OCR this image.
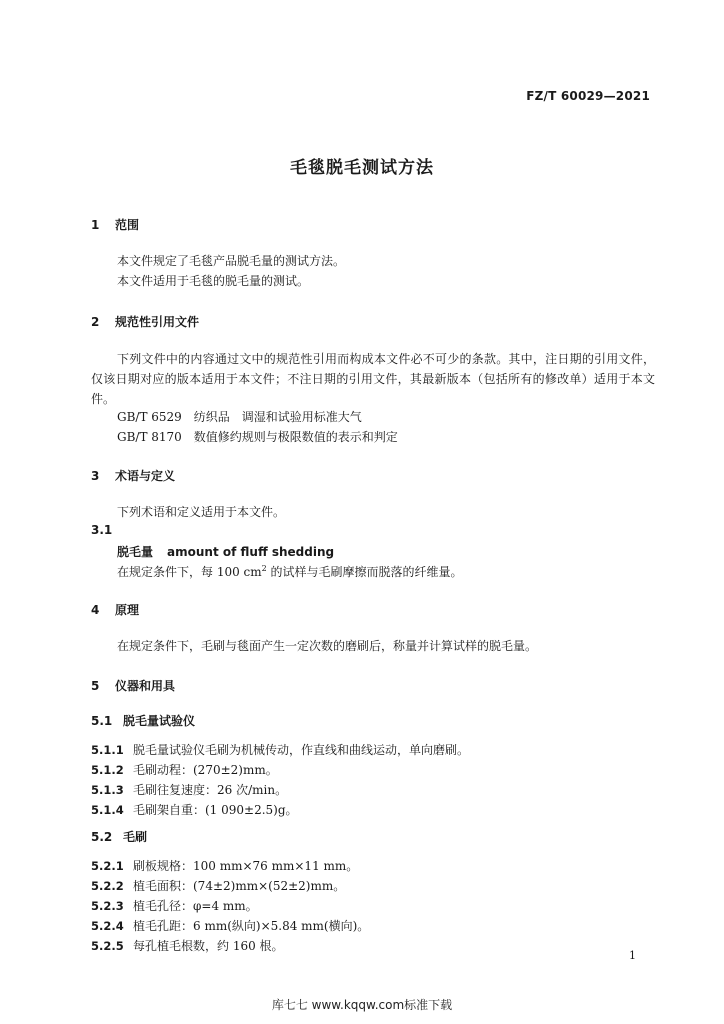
FZ/T 60029—2021
毛毯脱毛测试方法
1 范围
本文件规定了毛毯产品脱毛量的测试方法。
本文件适用于毛毯的脱毛量的测试。
2 规范性引用文件
下列文件中的内容通过文中的规范性引用而构成本文件必不可少的条款。其中，注日期的引用文件，仅该日期对应的版本适用于本文件；不注日期的引用文件，其最新版本（包括所有的修改单）适用于本文件。
GB/T 6529　纺织品　调湿和试验用标准大气
GB/T 8170　数值修约规则与极限数值的表示和判定
3 术语与定义
下列术语和定义适用于本文件。
3.1
脱毛量 amount of fluff shedding
在规定条件下，每 100 $cm^2$ 的试样与毛刷摩擦而脱落的纤维量。
4 原理
在规定条件下，毛刷与毯面产生一定次数的磨刷后，称量并计算试样的脱毛量。
5 仪器和用具
5.1 脱毛量试验仪
5.1.1 脱毛量试验仪毛刷为机械传动，作直线和曲线运动，单向磨刷。
5.1.2 毛刷动程：(270±2)mm。
5.1.3 毛刷往复速度：26 次/min。
5.1.4 毛刷架自重：(1 090±2.5)g。
5.2 毛刷
5.2.1 刷板规格：100 mm×76 mm×11 mm。
5.2.2 植毛面积：(74±2)mm×(52±2)mm。
5.2.3 植毛孔径：φ=4 mm。
5.2.4 植毛孔距：6 mm(纵向)×5.84 mm(横向)。
5.2.5 每孔植毛根数，约 160 根。
1
库七七 www.kqqw.com标准下载
